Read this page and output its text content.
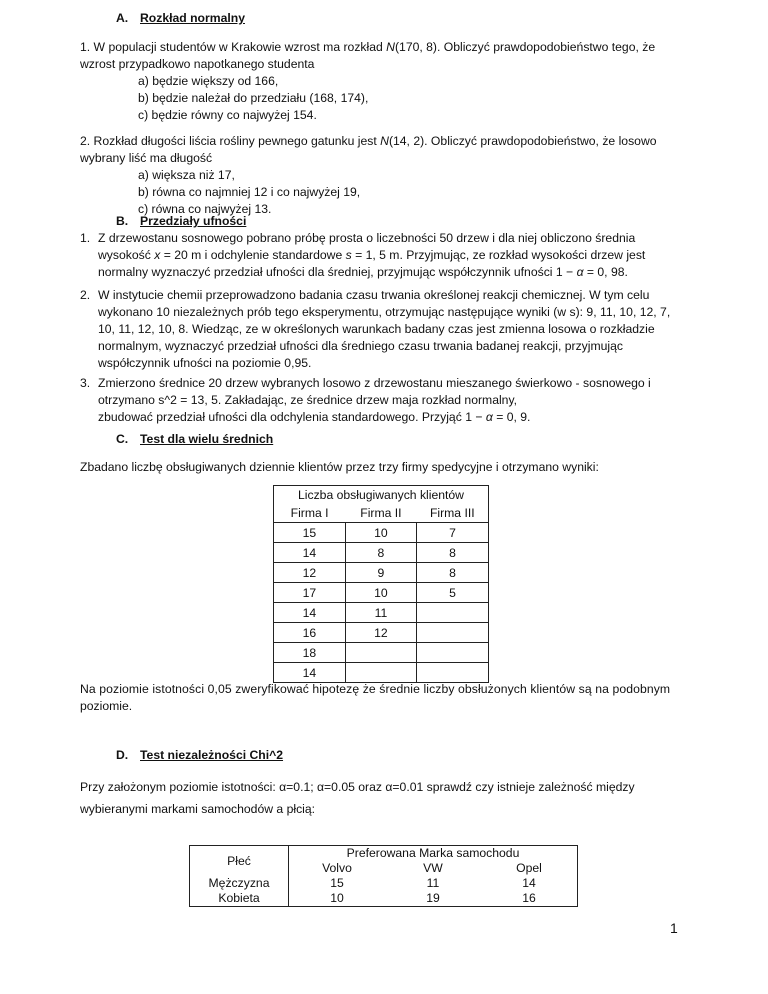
A. Rozkład normalny

1. W populacji studentów w Krakowie wzrost ma rozkład N(170, 8). Obliczyć prawdopodobieństwo tego, że

wzrost przypadkowo napotkanego studenta

a) będzie większy od 166,

b) będzie należał do przedziału (168, 174),

c) będzie równy co najwyżej 154.

2. Rozkład długości liścia rośliny pewnego gatunku jest N(14, 2). Obliczyć prawdopodobieństwo, że losowo

wybrany liść ma długość

a) większa niż 17,

b) równa co najmniej 12 i co najwyżej 19,

c) równa co najwyżej 13.

B. Przedziały ufności

1. Z drzewostanu sosnowego pobrano próbę prosta o liczebności 50 drzew i dla niej obliczono średnia

wysokość x = 20 m i odchylenie standardowe s = 1, 5 m. Przyjmując, ze rozkład wysokości drzew jest

normalny wyznaczyć przedział ufności dla średniej, przyjmując współczynnik ufności 1 − α = 0, 98.

2. W instytucie chemii przeprowadzono badania czasu trwania określonej reakcji chemicznej. W tym celu

wykonano 10 niezależnych prób tego eksperymentu, otrzymując następujące wyniki (w s): 9, 11, 10, 12, 7,

10, 11, 12, 10, 8. Wiedząc, ze w określonych warunkach badany czas jest zmienna losowa o rozkładzie

normalnym, wyznaczyć przedział ufności dla średniego czasu trwania badanej reakcji, przyjmując

współczynnik ufności na poziomie 0,95.

3. Zmierzono średnice 20 drzew wybranych losowo z drzewostanu mieszanego świerkowo - sosnowego i

otrzymano s^2 = 13, 5. Zakładając, ze średnice drzew maja rozkład normalny,

zbudować przedział ufności dla odchylenia standardowego. Przyjąć 1 − α = 0, 9.

C. Test dla wielu średnich
Zbadano liczbę obsługiwanych dziennie klientów przez trzy firmy spedycyjne i otrzymano wyniki:
Liczba obsługiwanych klientów		
Firma I	Firma II	Firma III
15	10	7
14	8	8
12	9	8
17	10	5
14	11	
16	12	
18		
14		

Na poziomie istotności 0,05 zweryfikować hipotezę że średnie liczby obsłużonych klientów są na podobnym

poziomie.

D. Test niezależności Chi^2

Przy założonym poziomie istotności: α=0.1; α=0.05 oraz α=0.01 sprawdź czy istnieje zależność między

wybieranymi markami samochodów a płcią:

Płeć	Preferowana Marka samochodu		
	Volvo	VW	Opel
Mężczyzna	15	11	14
Kobieta	10	19	16
1
